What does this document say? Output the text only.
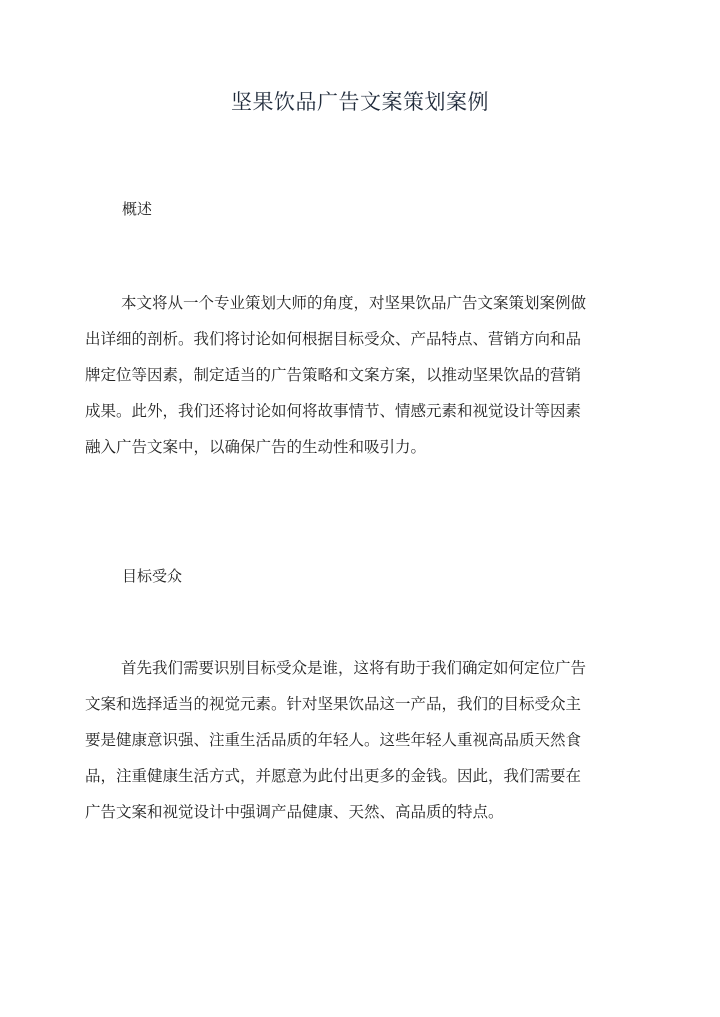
坚果饮品广告文案策划案例
概述
本文将从一个专业策划大师的角度，对坚果饮品广告文案策划案例做
出详细的剖析。我们将讨论如何根据目标受众、产品特点、营销方向和品
牌定位等因素，制定适当的广告策略和文案方案，以推动坚果饮品的营销
成果。此外，我们还将讨论如何将故事情节、情感元素和视觉设计等因素
融入广告文案中，以确保广告的生动性和吸引力。
目标受众
首先我们需要识别目标受众是谁，这将有助于我们确定如何定位广告
文案和选择适当的视觉元素。针对坚果饮品这一产品，我们的目标受众主
要是健康意识强、注重生活品质的年轻人。这些年轻人重视高品质天然食
品，注重健康生活方式，并愿意为此付出更多的金钱。因此，我们需要在
广告文案和视觉设计中强调产品健康、天然、高品质的特点。
